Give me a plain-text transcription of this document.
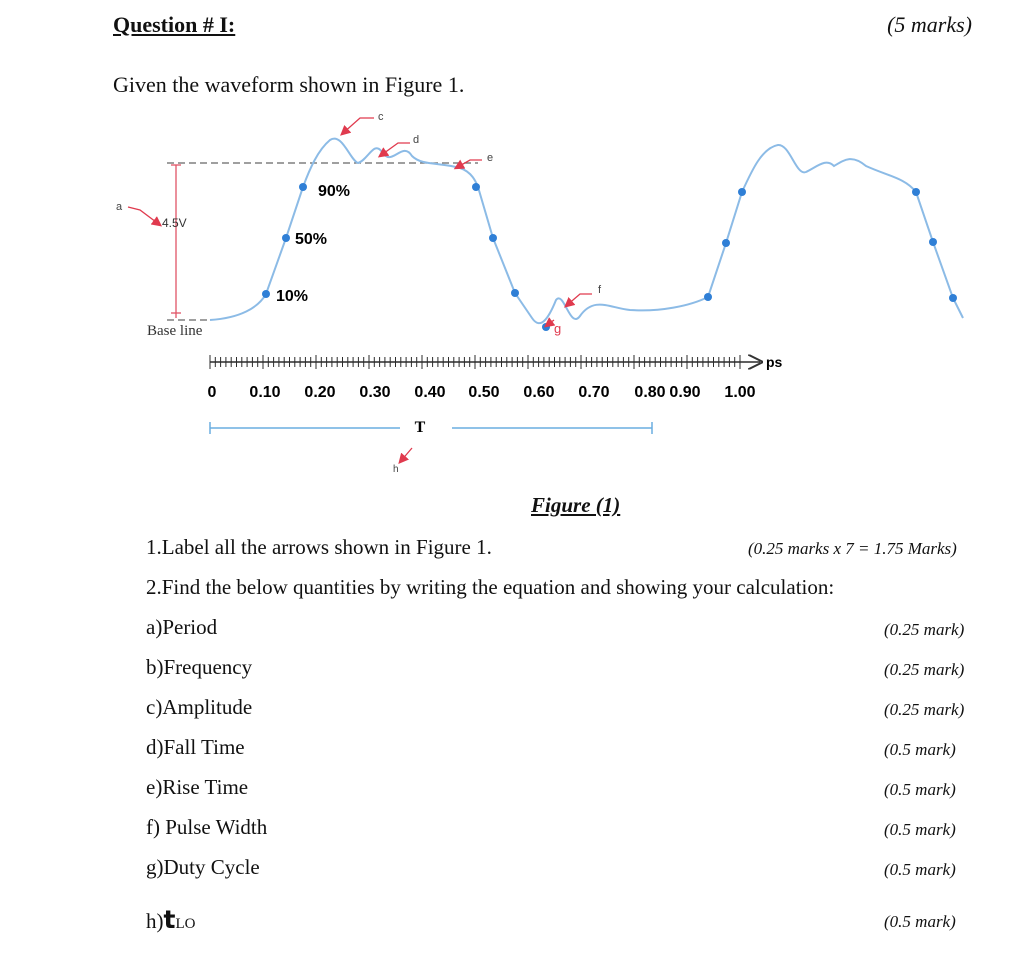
Question # I:	(5 marks)
Given the waveform shown in Figure 1.
90%
50%
10%
4.5V
Base line
a
c
d
e
f
g
h
ps
0 0.10 0.20 0.30 0.40 0.50 0.60 0.70 0.80 0.90 1.00
T
Figure (1)
1.Label all the arrows shown in Figure 1.	(0.25 marks x 7 = 1.75 Marks)
2.Find the below quantities by writing the equation and showing your calculation:
a)Period	(0.25 mark)
b)Frequency	(0.25 mark)
c)Amplitude	(0.25 mark)
d)Fall Time	(0.5 mark)
e)Rise Time	(0.5 mark)
f) Pulse Width	(0.5 mark)
g)Duty Cycle	(0.5 mark)
h)tLO	(0.5 mark)
